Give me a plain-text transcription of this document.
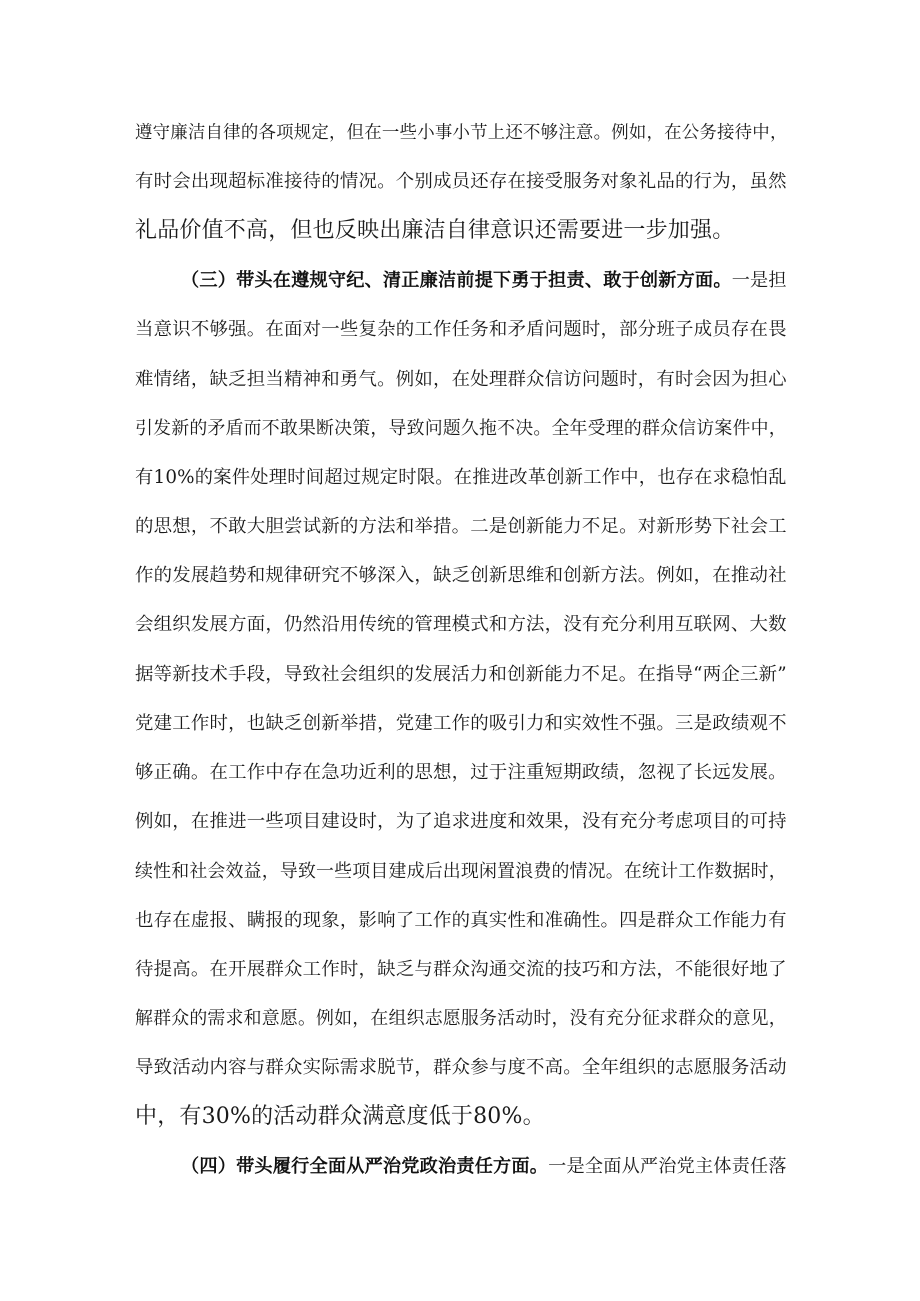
遵守廉洁自律的各项规定，但在一些小事小节上还不够注意。例如，在公务接待中，
有时会出现超标准接待的情况。个别成员还存在接受服务对象礼品的行为，虽然
礼品价值不高，但也反映出廉洁自律意识还需要进一步加强。
（三）带头在遵规守纪、清正廉洁前提下勇于担责、敢于创新方面。一是担
当意识不够强。在面对一些复杂的工作任务和矛盾问题时，部分班子成员存在畏
难情绪，缺乏担当精神和勇气。例如，在处理群众信访问题时，有时会因为担心
引发新的矛盾而不敢果断决策，导致问题久拖不决。全年受理的群众信访案件中，
有10%的案件处理时间超过规定时限。在推进改革创新工作中，也存在求稳怕乱
的思想，不敢大胆尝试新的方法和举措。二是创新能力不足。对新形势下社会工
作的发展趋势和规律研究不够深入，缺乏创新思维和创新方法。例如，在推动社
会组织发展方面，仍然沿用传统的管理模式和方法，没有充分利用互联网、大数
据等新技术手段，导致社会组织的发展活力和创新能力不足。在指导“两企三新”
党建工作时，也缺乏创新举措，党建工作的吸引力和实效性不强。三是政绩观不
够正确。在工作中存在急功近利的思想，过于注重短期政绩，忽视了长远发展。
例如，在推进一些项目建设时，为了追求进度和效果，没有充分考虑项目的可持
续性和社会效益，导致一些项目建成后出现闲置浪费的情况。在统计工作数据时，
也存在虚报、瞒报的现象，影响了工作的真实性和准确性。四是群众工作能力有
待提高。在开展群众工作时，缺乏与群众沟通交流的技巧和方法，不能很好地了
解群众的需求和意愿。例如，在组织志愿服务活动时，没有充分征求群众的意见，
导致活动内容与群众实际需求脱节，群众参与度不高。全年组织的志愿服务活动
中，有30%的活动群众满意度低于80%。
（四）带头履行全面从严治党政治责任方面。一是全面从严治党主体责任落
